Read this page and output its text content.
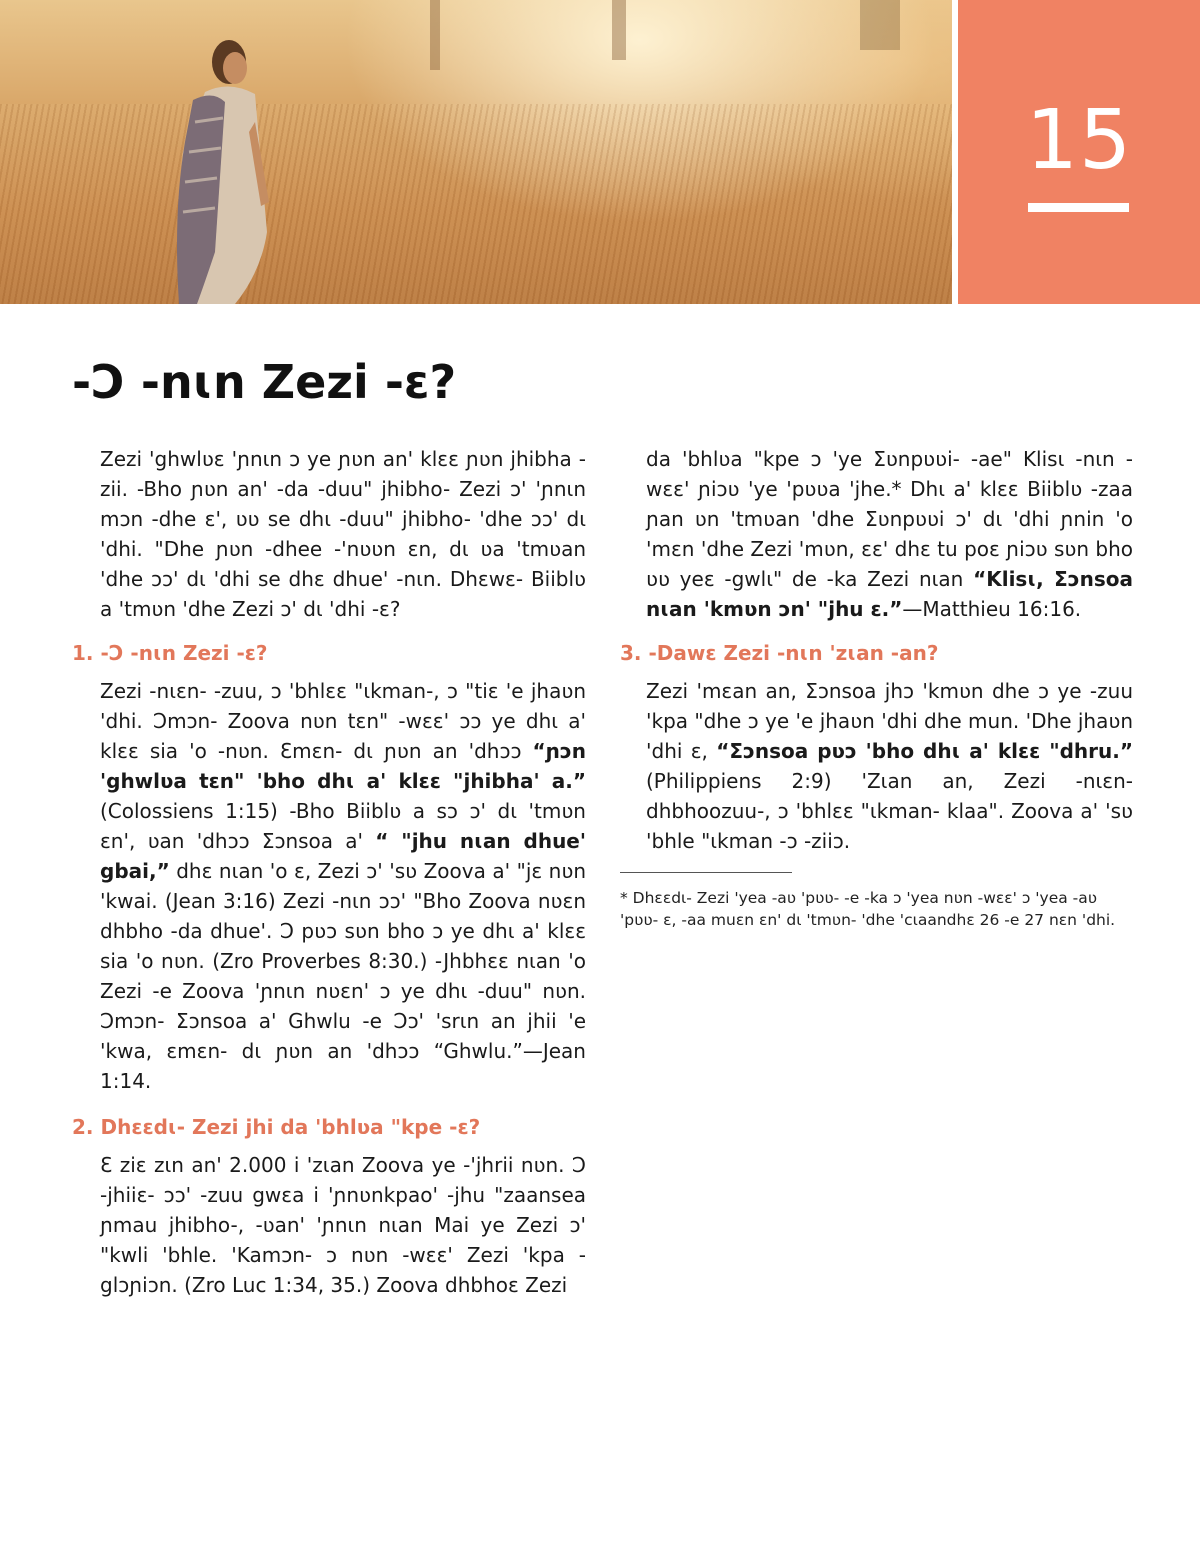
15
-Ɔ -nɩn Zezi -ɛ?

Zezi 'ghwlʋɛ 'ɲnɩn ɔ ye ɲʋn an' klɛɛ ɲʋn jhibha -zii. -Bho ɲʋn an' -da -duu" jhibho- Zezi ɔ' 'ɲnɩn mɔn -dhe ɛ', ʋʋ se dhɩ -duu" jhibho- 'dhe ɔɔ' dɩ 'dhi. "Dhe ɲʋn -dhee -'nʋʋn ɛn, dɩ ʋa 'tmʋan 'dhe ɔɔ' dɩ 'dhi se dhɛ dhue' -nɩn. Dhɛwɛ- Biiblʋ a 'tmʋn 'dhe Zezi ɔ' dɩ 'dhi -ɛ?

1. -Ɔ -nɩn Zezi -ɛ?

Zezi -nɩɛn- -zuu, ɔ 'bhlɛɛ "ɩkman-, ɔ "tiɛ 'e jhaʋn 'dhi. Ɔmɔn- Zoova nʋn tɛn" -wɛɛ' ɔɔ ye dhɩ a' klɛɛ sia 'o -nʋn. Ɛmɛn- dɩ ɲʋn an 'dhɔɔ “ɲɔn 'ghwlʋa tɛn" 'bho dhɩ a' klɛɛ "jhibha' a.” (Colossiens 1:15) -Bho Biiblʋ a sɔ ɔ' dɩ 'tmʋn ɛn', ʋan 'dhɔɔ Ʃɔnsoa a' “ "jhu nɩan dhue' gbai,” dhɛ nɩan 'o ɛ, Zezi ɔ' 'sʋ Zoova a' "jɛ nʋn 'kwai. (Jean 3:16) Zezi -nɩn ɔɔ' "Bho Zoova nʋɛn dhbho -da dhue'. Ɔ pʋɔ sʋn bho ɔ ye dhɩ a' klɛɛ sia 'o nʋn. (Zro Proverbes 8:30.) -Jhbhɛɛ nɩan 'o Zezi -e Zoova 'ɲnɩn nʋɛn' ɔ ye dhɩ -duu" nʋn. Ɔmɔn- Ʃɔnsoa a' Ghwlu -e Ɔɔ' 'srɩn an jhii 'e 'kwa, ɛmɛn- dɩ ɲʋn an 'dhɔɔ “Ghwlu.”—Jean 1:14.

2. Dhɛɛdɩ- Zezi jhi da 'bhlʋa "kpe -ɛ?

Ɛ ziɛ zɩn an' 2.000 i 'zɩan Zoova ye -'jhrii nʋn. Ɔ -jhiiɛ- ɔɔ' -zuu gwɛa i 'ɲnʋnkpao' -jhu "zaansea ɲmau jhibho-, -ʋan' 'ɲnɩn nɩan Mai ye Zezi ɔ' "kwli 'bhle. 'Kamɔn- ɔ nʋn -wɛɛ' Zezi 'kpa -glɔɲiɔn. (Zro Luc 1:34, 35.) Zoova dhbhoɛ Zezi

da 'bhlʋa "kpe ɔ 'ye Ʃʋnpʋʋi- -ae" Klisɩ -nɩn -wɛɛ' ɲiɔʋ 'ye 'pʋʋa 'jhe.* Dhɩ a' klɛɛ Biiblʋ -zaa ɲan ʋn 'tmʋan 'dhe Ʃʋnpʋʋi ɔ' dɩ 'dhi ɲnin 'o 'mɛn 'dhe Zezi 'mʋn, ɛɛ' dhɛ tu poɛ ɲiɔʋ sʋn bho ʋʋ yeɛ -gwlɩ" de -ka Zezi nɩan “Klisɩ, Ʃɔnsoa nɩan 'kmʋn ɔn' "jhu ɛ.”—Matthieu 16:16.

3. -Dawɛ Zezi -nɩn 'zɩan -an?

Zezi 'mɛan an, Ʃɔnsoa jhɔ 'kmʋn dhe ɔ ye -zuu 'kpa "dhe ɔ ye 'e jhaʋn 'dhi dhe mun. 'Dhe jhaʋn 'dhi ɛ, “Ʃɔnsoa pʋɔ 'bho dhɩ a' klɛɛ "dhru.” (Philippiens 2:9) 'Zɩan an, Zezi -nɩɛn-dhbhoozuu-, ɔ 'bhlɛɛ "ɩkman- klaa". Zoova a' 'sʋ 'bhle "ɩkman -ɔ -ziiɔ.

* Dhɛɛdɩ- Zezi 'yea -aʋ 'pʋʋ- -e -ka ɔ 'yea nʋn -wɛɛ' ɔ 'yea -aʋ 'pʋʋ- ɛ, -aa muɛn ɛn' dɩ 'tmʋn- 'dhe 'cɩaandhɛ 26 -e 27 nɛn 'dhi.
